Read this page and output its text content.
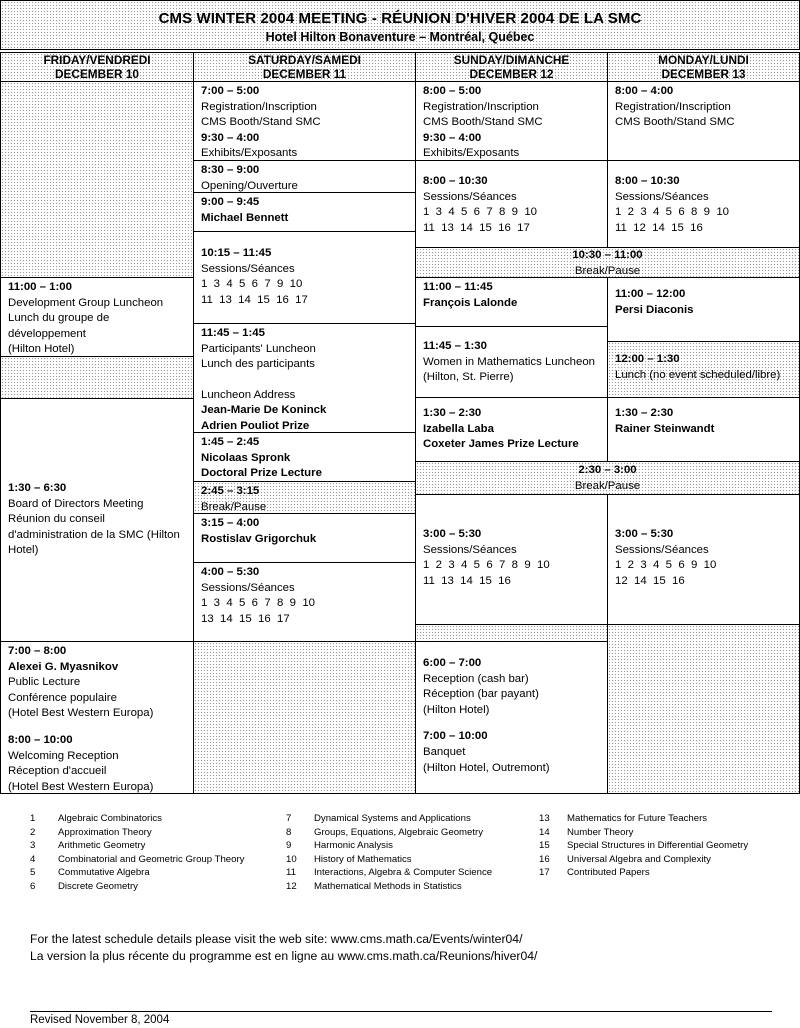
CMS WINTER 2004 MEETING - RÉUNION D'HIVER 2004 DE LA SMC
Hotel Hilton Bonaventure – Montréal, Québec
FRIDAY/VENDREDI
DECEMBER 10
SATURDAY/SAMEDI
DECEMBER 11
SUNDAY/DIMANCHE
DECEMBER 12
MONDAY/LUNDI
DECEMBER 13
11:00 – 1:00
Development Group Luncheon
Lunch du groupe de
développement
(Hilton Hotel)
1:30 – 6:30
Board of Directors Meeting
Réunion du conseil
d'administration de la SMC (Hilton
Hotel)
7:00 – 8:00
Alexei G. Myasnikov
Public Lecture
Conférence populaire
(Hotel Best Western Europa)
8:00 – 10:00
Welcoming Reception
Réception d'accueil
(Hotel Best Western Europa)
7:00 – 5:00
Registration/Inscription
CMS Booth/Stand SMC
9:30 – 4:00
Exhibits/Exposants
8:30 – 9:00
Opening/Ouverture
9:00 – 9:45
Michael Bennett
10:15 – 11:45
Sessions/Séances
1  3  4  5  6  7  9  10
11  13  14  15  16  17
11:45 – 1:45
Participants' Luncheon
Lunch des participants
Luncheon Address
Jean-Marie De Koninck
Adrien Pouliot Prize
1:45 – 2:45
Nicolaas Spronk
Doctoral Prize Lecture
2:45 – 3:15
Break/Pause
3:15 – 4:00
Rostislav Grigorchuk
4:00 – 5:30
Sessions/Séances
1  3  4  5  6  7  8  9  10
13  14  15  16  17
8:00 – 5:00
Registration/Inscription
CMS Booth/Stand SMC
9:30 – 4:00
Exhibits/Exposants
8:00 – 10:30
Sessions/Séances
1  3  4  5  6  7  8  9  10
11  13  14  15  16  17
10:30 – 11:00
Break/Pause
11:00 – 11:45
François Lalonde
11:45 – 1:30
Women in Mathematics Luncheon
(Hilton, St. Pierre)
1:30 – 2:30
Izabella Laba
Coxeter James Prize Lecture
2:30 – 3:00
Break/Pause
3:00 – 5:30
Sessions/Séances
1  2  3  4  5  6  7  8  9  10
11  13  14  15  16
6:00 – 7:00
Reception (cash bar)
Réception (bar payant)
(Hilton Hotel)
7:00 – 10:00
Banquet
(Hilton Hotel, Outremont)
8:00 – 4:00
Registration/Inscription
CMS Booth/Stand SMC
8:00 – 10:30
Sessions/Séances
1  2  3  4  5  6  8  9  10
11  12  14  15  16
11:00 – 12:00
Persi Diaconis
12:00 – 1:30
Lunch (no event scheduled/libre)
1:30 – 2:30
Rainer Steinwandt
3:00 – 5:30
Sessions/Séances
1  2  3  4  5  6  9  10
12  14  15  16
1 Algebraic Combinatorics
2 Approximation Theory
3 Arithmetic Geometry
4 Combinatorial and Geometric Group Theory
5 Commutative Algebra
6 Discrete Geometry
7 Dynamical Systems and Applications
8 Groups, Equations, Algebraic Geometry
9 Harmonic Analysis
10 History of Mathematics
11 Interactions, Algebra & Computer Science
12 Mathematical Methods in Statistics
13 Mathematics for Future Teachers
14 Number Theory
15 Special Structures in Differential Geometry
16 Universal Algebra and Complexity
17 Contributed Papers
For the latest schedule details please visit the web site: www.cms.math.ca/Events/winter04/
La version la plus récente du programme est en ligne au www.cms.math.ca/Reunions/hiver04/
Revised November 8, 2004
